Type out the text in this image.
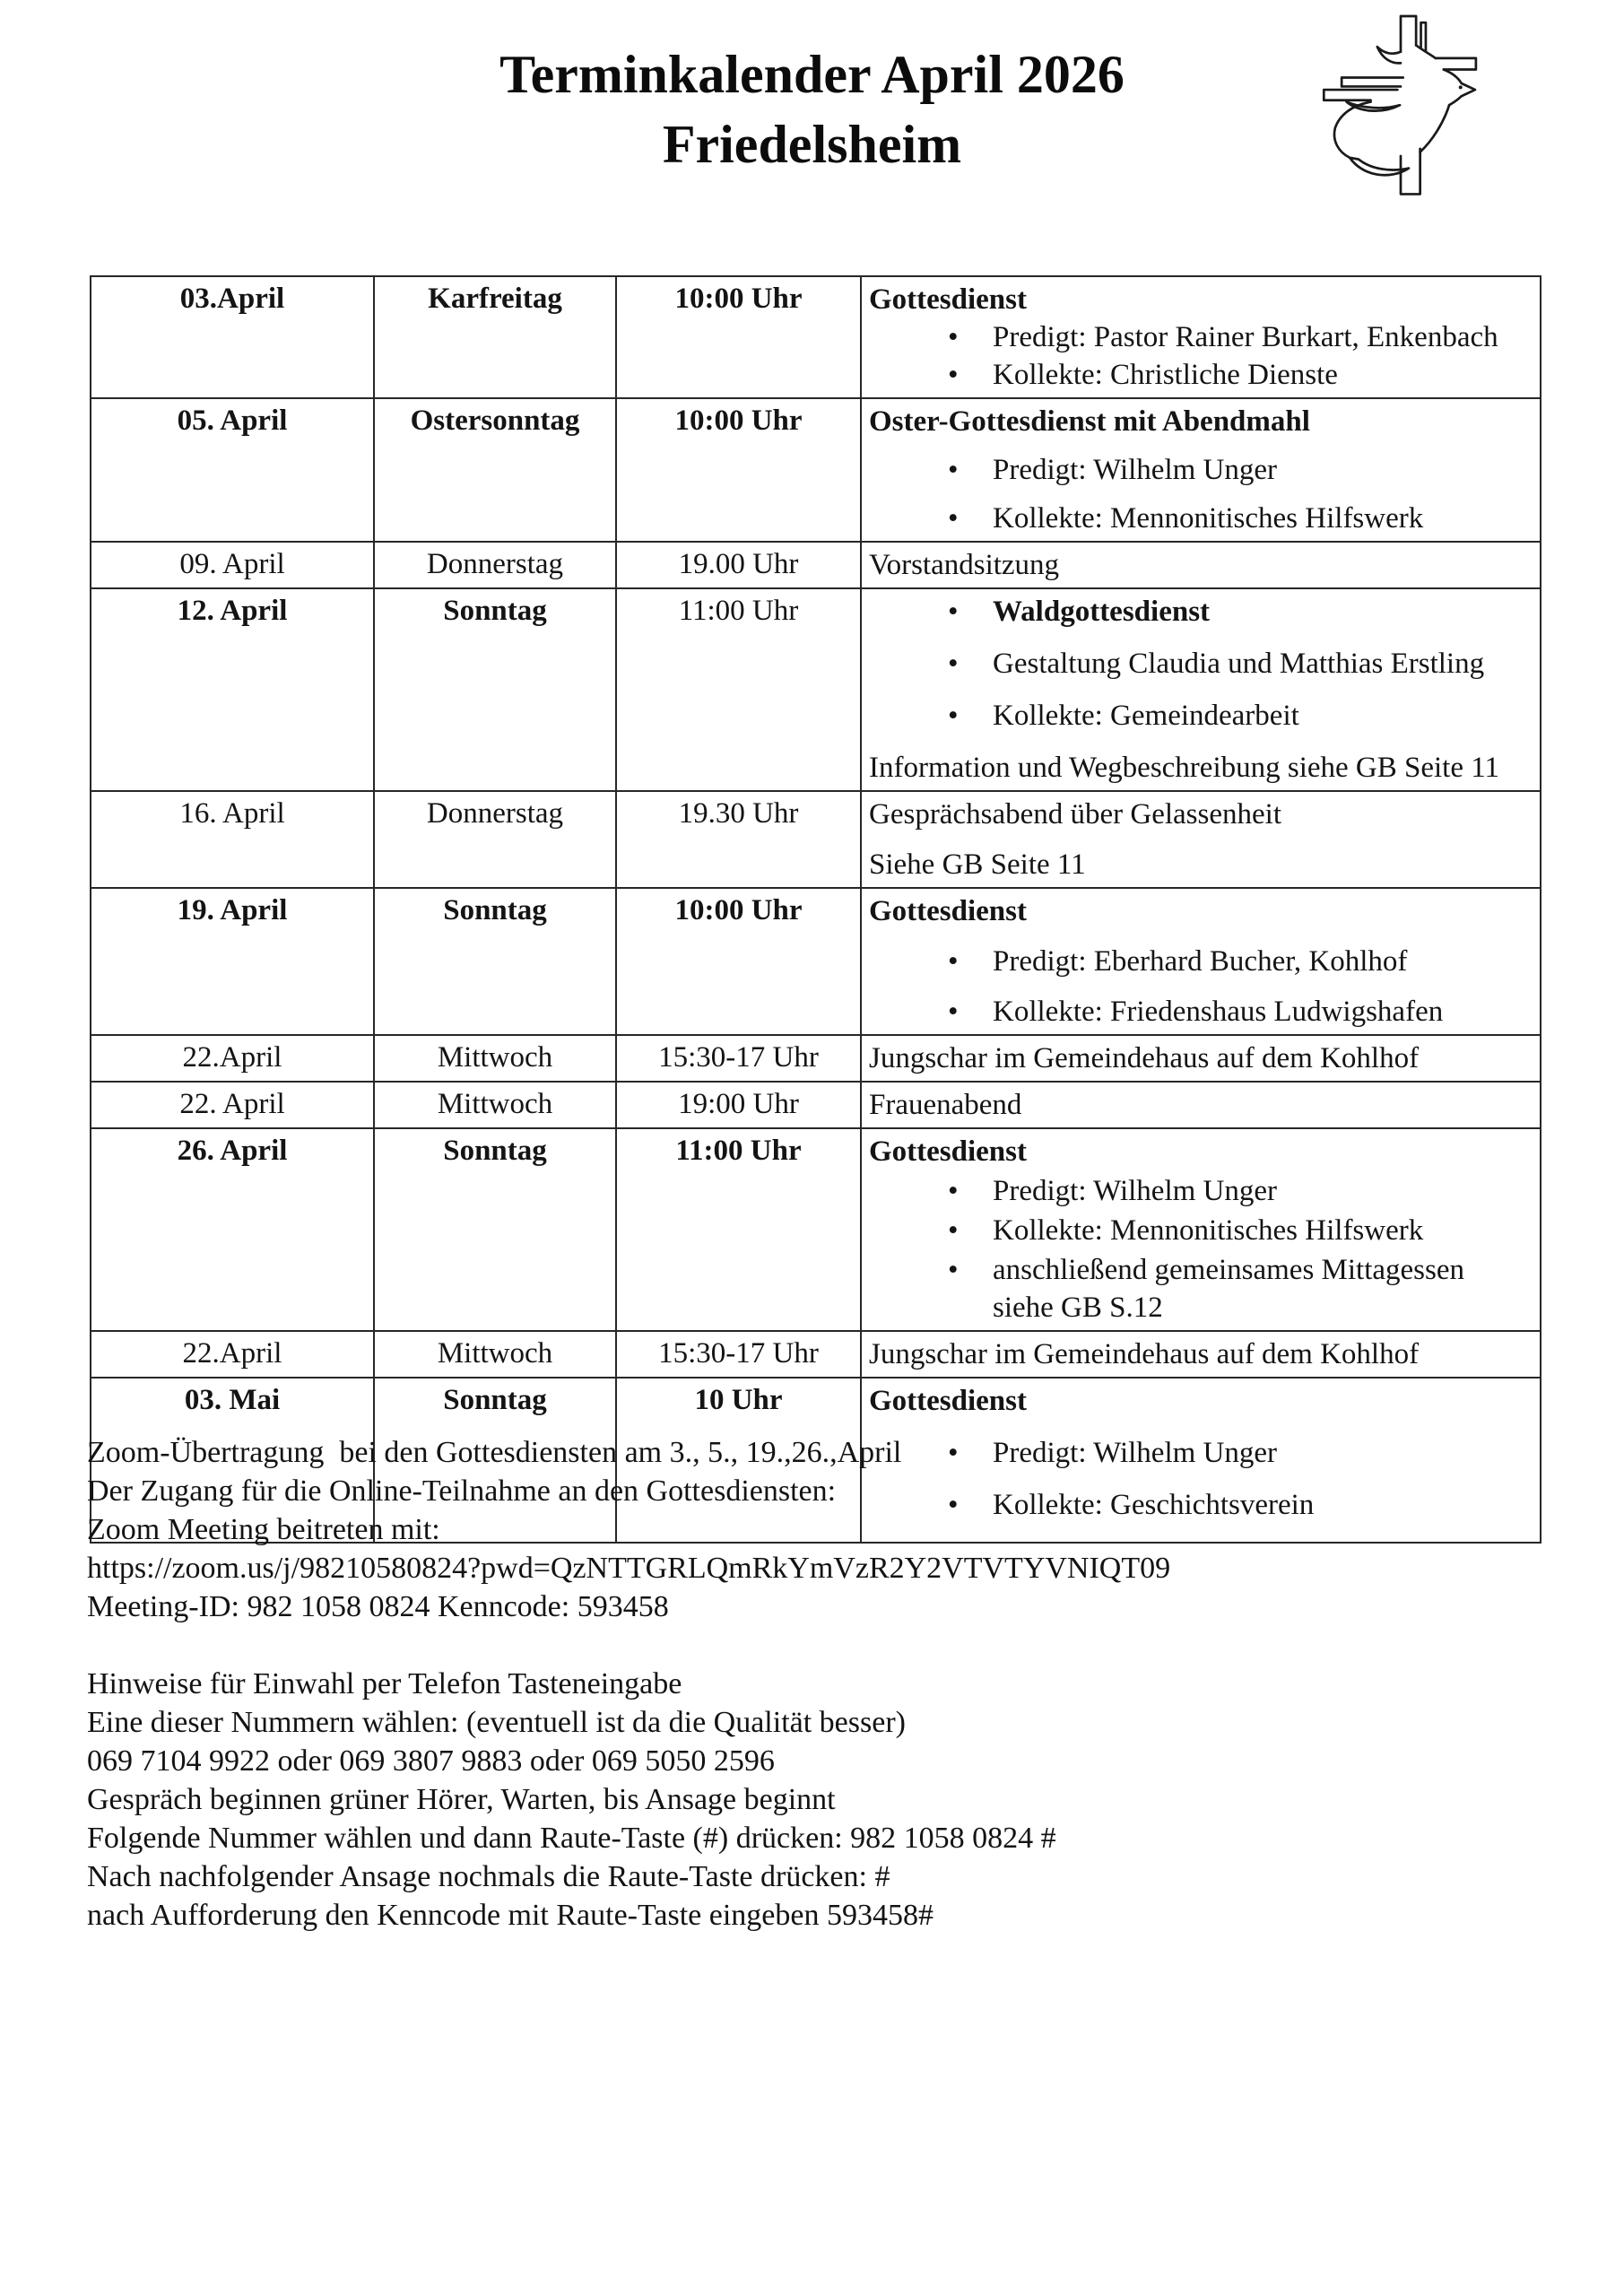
Terminkalender April 2026
Friedelsheim
03.April	Karfreitag	10:00 Uhr	Gottesdienst
• Predigt: Pastor Rainer Burkart, Enkenbach
• Kollekte: Christliche Dienste

05. April	Ostersonntag	10:00 Uhr	Oster-Gottesdienst mit Abendmahl
• Predigt: Wilhelm Unger
• Kollekte: Mennonitisches Hilfswerk

09. April	Donnerstag	19.00 Uhr	Vorstandsitzung

12. April	Sonntag	11:00 Uhr	•	Waldgottesdienst
•	Gestaltung Claudia und Matthias Erstling
•	Kollekte: Gemeindearbeit
Information und Wegbeschreibung siehe GB Seite 11

16. April	Donnerstag	19.30 Uhr	Gesprächsabend über Gelassenheit
Siehe GB Seite 11

19. April	Sonntag	10:00 Uhr	Gottesdienst
• Predigt: Eberhard Bucher, Kohlhof
• Kollekte: Friedenshaus Ludwigshafen

22.April	Mittwoch	15:30-17 Uhr	Jungschar im Gemeindehaus auf dem Kohlhof

22. April	Mittwoch	19:00 Uhr	Frauenabend

26. April	Sonntag	11:00 Uhr	Gottesdienst
•	Predigt: Wilhelm Unger
•	Kollekte: Mennonitisches Hilfswerk
•	anschließend gemeinsames Mittagessen siehe GB S.12

22.April	Mittwoch	15:30-17 Uhr	Jungschar im Gemeindehaus auf dem Kohlhof

03. Mai	Sonntag	10 Uhr	Gottesdienst
• Predigt: Wilhelm Unger
• Kollekte: Geschichtsverein
Zoom-Übertragung  bei den Gottesdiensten am 3., 5., 19.,26.,April
Der Zugang für die Online-Teilnahme an den Gottesdiensten:
Zoom Meeting beitreten mit:
https://zoom.us/j/98210580824?pwd=QzNTTGRLQmRkYmVzR2Y2VTVTYVNIQT09
Meeting-ID: 982 1058 0824 Kenncode: 593458
Hinweise für Einwahl per Telefon Tasteneingabe
Eine dieser Nummern wählen: (eventuell ist da die Qualität besser)
069 7104 9922 oder 069 3807 9883 oder 069 5050 2596
Gespräch beginnen grüner Hörer, Warten, bis Ansage beginnt
Folgende Nummer wählen und dann Raute-Taste (#) drücken: 982 1058 0824 #
Nach nachfolgender Ansage nochmals die Raute-Taste drücken: #
nach Aufforderung den Kenncode mit Raute-Taste eingeben 593458#
